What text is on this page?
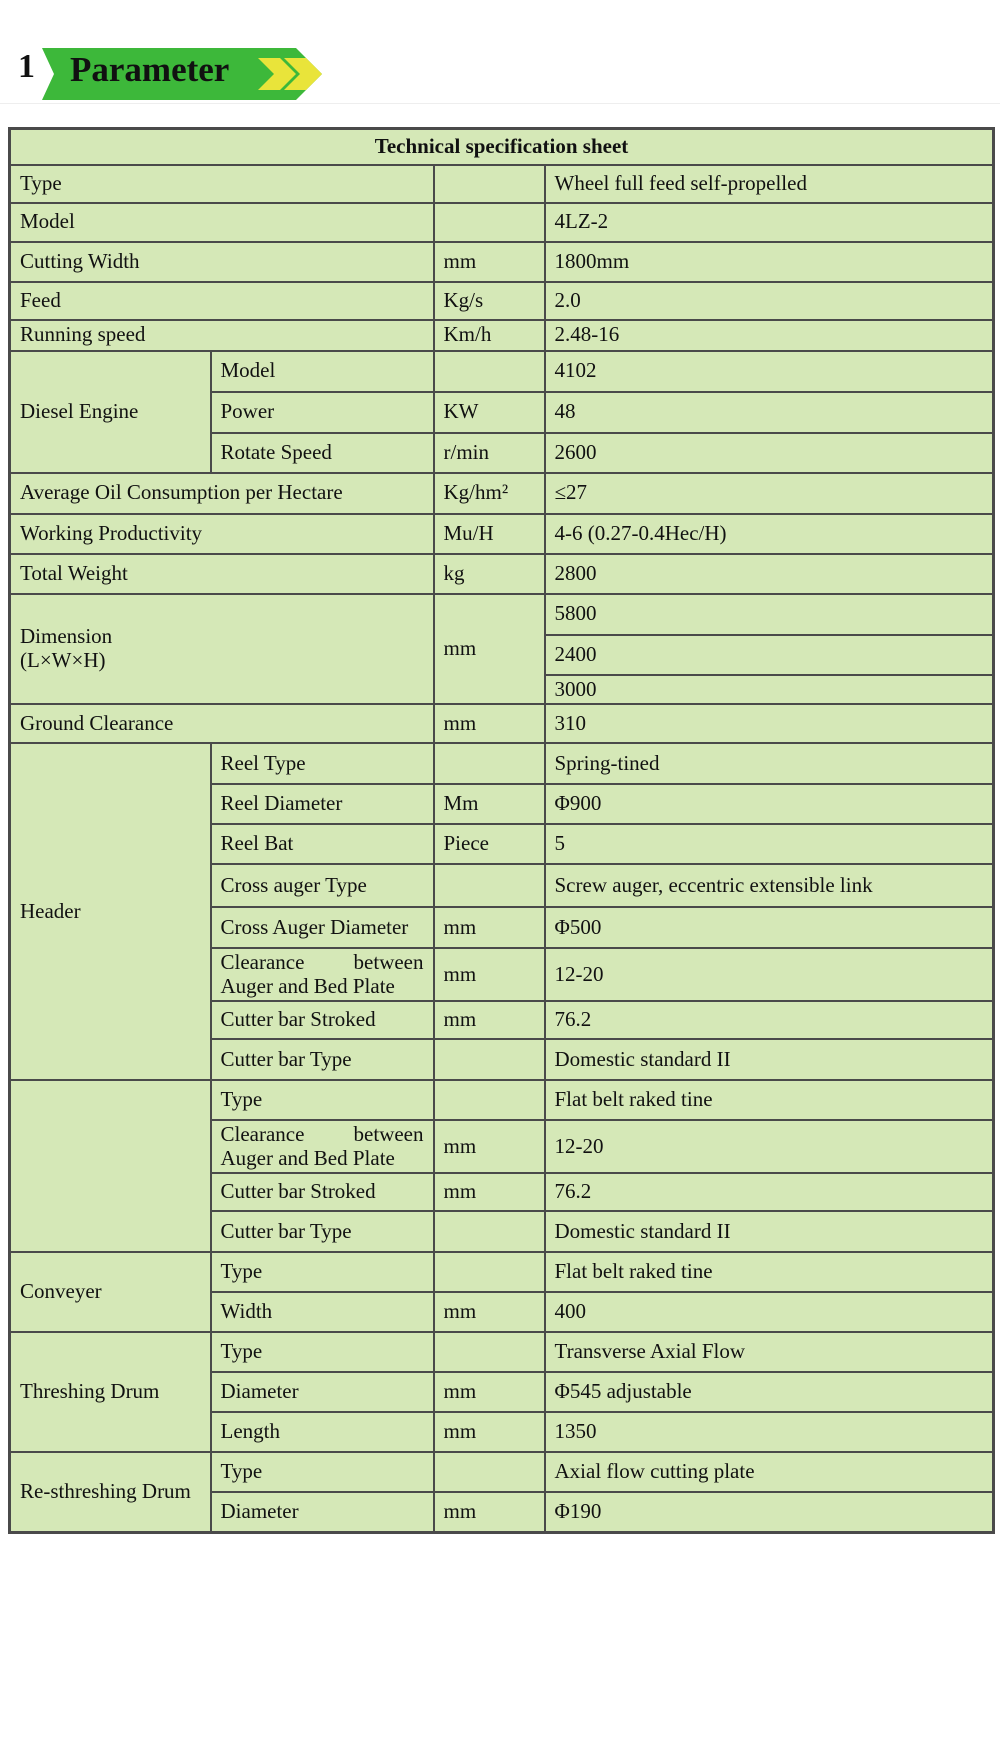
1 Parameter
Technical specification sheet			
Type			Wheel full feed self-propelled
Model			4LZ-2
Cutting Width		mm	1800mm
Feed		Kg/s	2.0
Running speed		Km/h	2.48-16
Diesel Engine	Model		4102
	Power	KW	48
	Rotate Speed	r/min	2600
Average Oil Consumption per Hectare		Kg/hm²	≤27
Working Productivity		Mu/H	4-6 (0.27-0.4Hec/H)
Total Weight		kg	2800

Dimension
(L×W×H)		mm	5800
			2400
			3000
Ground Clearance		mm	310
Header	Reel Type		Spring-tined
	Reel Diameter	Mm	Φ900
	Reel Bat	Piece	5
	Cross auger Type		Screw auger, eccentric extensible link
	Cross Auger Diameter	mm	Φ500

	Clearance between
Auger and Bed Plate	mm	12-20
	Cutter bar Stroked	mm	76.2
	Cutter bar Type		Domestic standard II
	Type		Flat belt raked tine

	Clearance between
Auger and Bed Plate	mm	12-20
	Cutter bar Stroked	mm	76.2
	Cutter bar Type		Domestic standard II
Conveyer	Type		Flat belt raked tine
	Width	mm	400
Threshing Drum	Type		Transverse Axial Flow
	Diameter	mm	Φ545 adjustable
	Length	mm	1350
Re-sthreshing Drum	Type		Axial flow cutting plate
	Diameter	mm	Φ190
